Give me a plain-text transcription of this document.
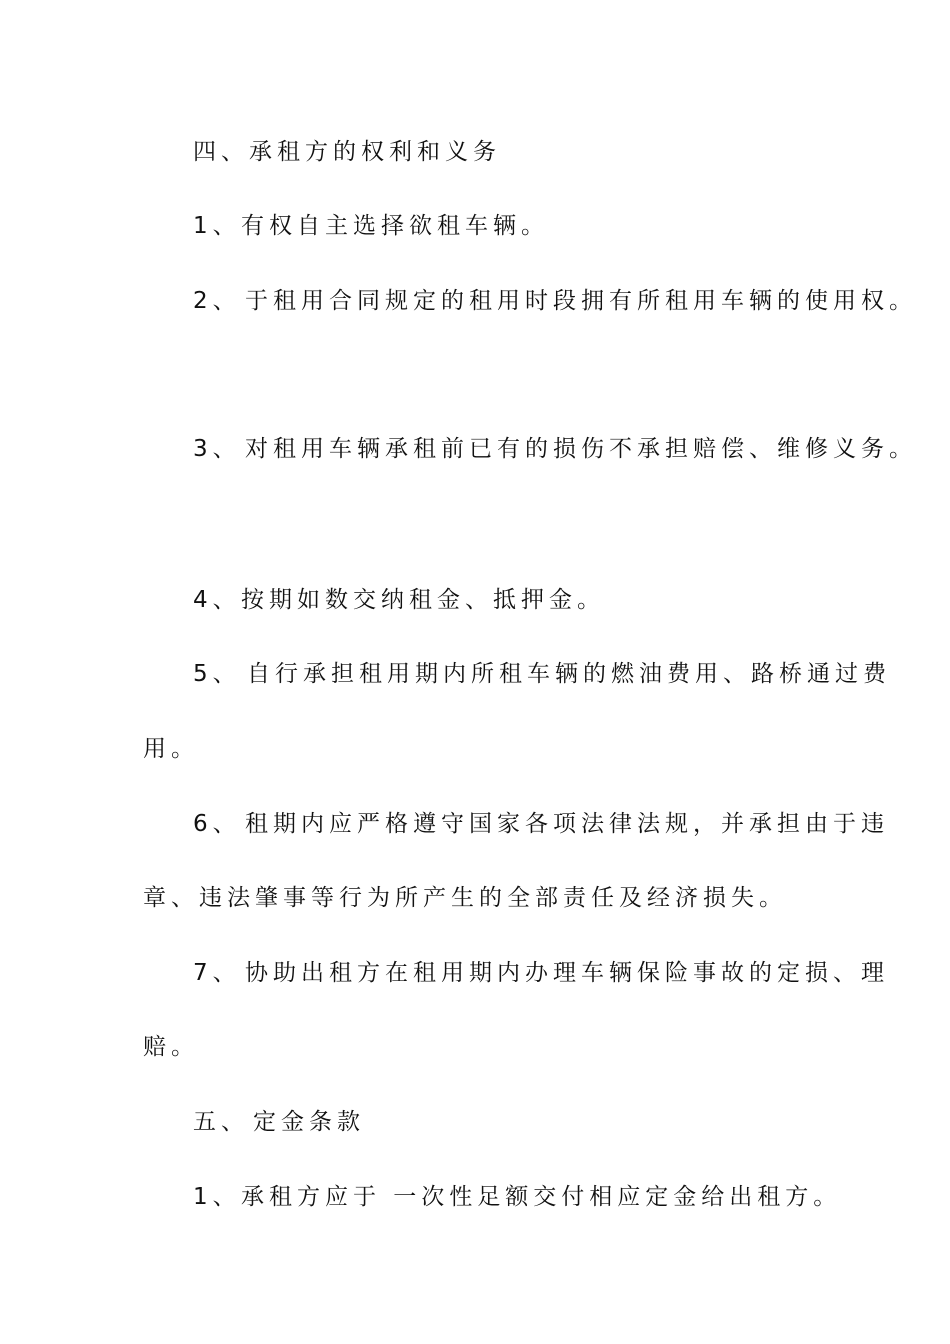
四、承租方的权利和义务
1、有权自主选择欲租车辆。
2、 于租用合同规定的租用时段拥有所租用车辆的使用权。
3、 对租用车辆承租前已有的损伤不承担赔偿、维修义务。
4、按期如数交纳租金、抵押金。
5、 自行承担租用期内所租车辆的燃油费用、路桥通过费
用。
6、 租期内应严格遵守国家各项法律法规，并承担由于违
章、违法肇事等行为所产生的全部责任及经济损失。
7、 协助出租方在租用期内办理车辆保险事故的定损、理
赔。
五、 定金条款
1、承租方应于 一次性足额交付相应定金给出租方。
